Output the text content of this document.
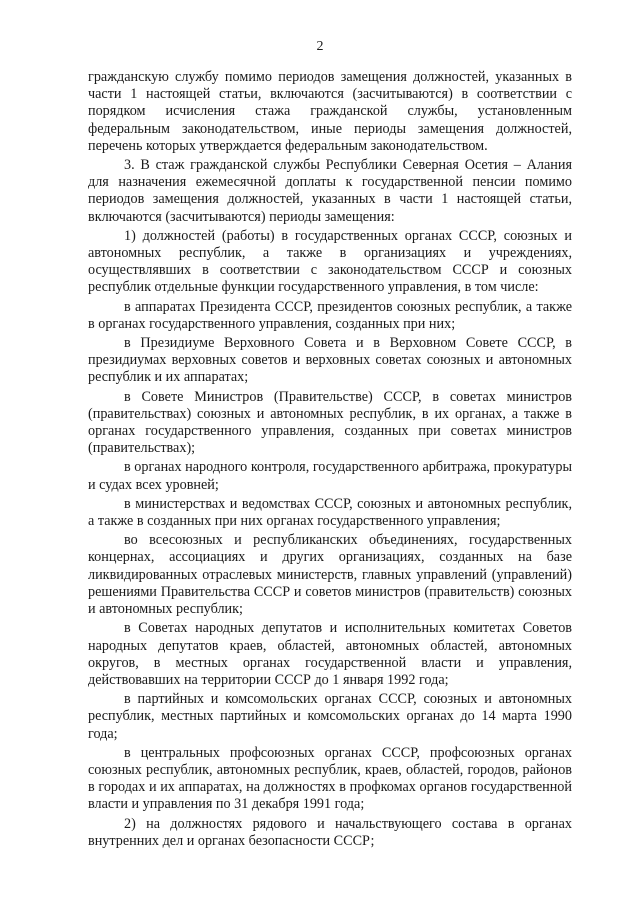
2

гражданскую службу помимо периодов замещения должностей, указанных в части 1 настоящей статьи, включаются (засчитываются) в соответствии с порядком исчисления стажа гражданской службы, установленным федеральным законодательством, иные периоды замещения должностей, перечень которых утверждается федеральным законодательством.

3. В стаж гражданской службы Республики Северная Осетия – Алания для назначения ежемесячной доплаты к государственной пенсии помимо периодов замещения должностей, указанных в части 1 настоящей статьи, включаются (засчитываются) периоды замещения:

1) должностей (работы) в государственных органах СССР, союзных и автономных республик, а также в организациях и учреждениях, осуществлявших в соответствии с законодательством СССР и союзных республик отдельные функции государственного управления, в том числе:

в аппаратах Президента СССР, президентов союзных республик, а также в органах государственного управления, созданных при них;

в Президиуме Верховного Совета и в Верховном Совете СССР, в президиумах верховных советов и верховных советах союзных и автономных республик и их аппаратах;

в Совете Министров (Правительстве) СССР, в советах министров (правительствах) союзных и автономных республик, в их органах, а также в органах государственного управления, созданных при советах министров (правительствах);

в органах народного контроля, государственного арбитража, прокуратуры и судах всех уровней;

в министерствах и ведомствах СССР, союзных и автономных республик, а также в созданных при них органах государственного управления;

во всесоюзных и республиканских объединениях, государственных концернах, ассоциациях и других организациях, созданных на базе ликвидированных отраслевых министерств, главных управлений (управлений) решениями Правительства СССР и советов министров (правительств) союзных и автономных республик;

в Советах народных депутатов и исполнительных комитетах Советов народных депутатов краев, областей, автономных областей, автономных округов, в местных органах государственной власти и управления, действовавших на территории СССР до 1 января 1992 года;

в партийных и комсомольских органах СССР, союзных и автономных республик, местных партийных и комсомольских органах до 14 марта 1990 года;

в центральных профсоюзных органах СССР, профсоюзных органах союзных республик, автономных республик, краев, областей, городов, районов в городах и их аппаратах, на должностях в профкомах органов государственной власти и управления по 31 декабря 1991 года;

2) на должностях рядового и начальствующего состава в органах внутренних дел и органах безопасности СССР;
